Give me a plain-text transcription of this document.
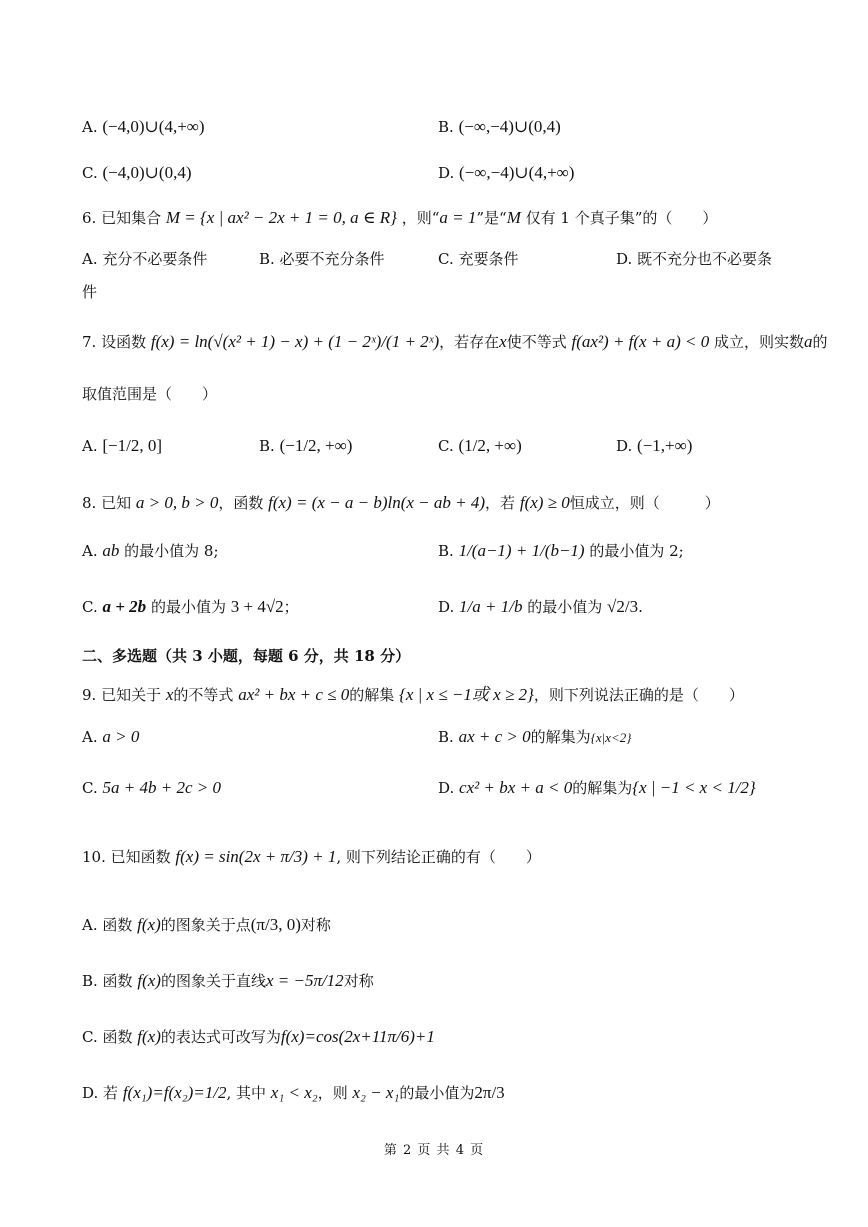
A. (−4,0)∪(4,+∞)	B. (−∞,−4)∪(0,4)
C. (−4,0)∪(0,4)	D. (−∞,−4)∪(4,+∞)
6. 已知集合 M = {x | ax² − 2x + 1 = 0, a ∈ R} ，则“a = 1”是“M 仅有 1 个真子集”的（　　）
A. 充分不必要条件	B. 必要不充分条件	C. 充要条件	D. 既不充分也不必要条
件
7. 设函数 f(x) = ln(√(x² + 1) − x) + (1 − 2ˣ)/(1 + 2ˣ)，若存在x使不等式 f(ax²) + f(x + a) < 0 成立，则实数a的
取值范围是（　　）
A. [−1/2, 0]	B. (−1/2, +∞)	C. (1/2, +∞)	D. (−1,+∞)
8. 已知 a > 0, b > 0，函数 f(x) = (x − a − b)ln(x − ab + 4)，若 f(x) ≥ 0恒成立，则（　　　）
A. ab 的最小值为 8;	B. 1/(a−1) + 1/(b−1) 的最小值为 2;
C. a + 2b 的最小值为 3 + 4√2；	D. 1/a + 1/b 的最小值为 √2/3.
二、多选题（共 3 小题，每题 6 分，共 18 分）
9. 已知关于 x的不等式 ax² + bx + c ≤ 0的解集 {x | x ≤ −1或 x ≥ 2}，则下列说法正确的是（　　）
A. a > 0	B. ax + c > 0的解集为{x|x<2}
C. 5a + 4b + 2c > 0	D. cx² + bx + a < 0的解集为{x | −1 < x < 1/2}
10. 已知函数 f(x) = sin(2x + π/3) + 1, 则下列结论正确的有（　　）
A. 函数 f(x)的图象关于点(π/3, 0)对称
B. 函数 f(x)的图象关于直线x = −5π/12对称
C. 函数 f(x)的表达式可改写为f(x)=cos(2x+11π/6)+1
D. 若 f(x₁)=f(x₂)=1/2, 其中 x₁ < x₂，则 x₂ − x₁的最小值为2π/3
第 2 页 共 4 页
